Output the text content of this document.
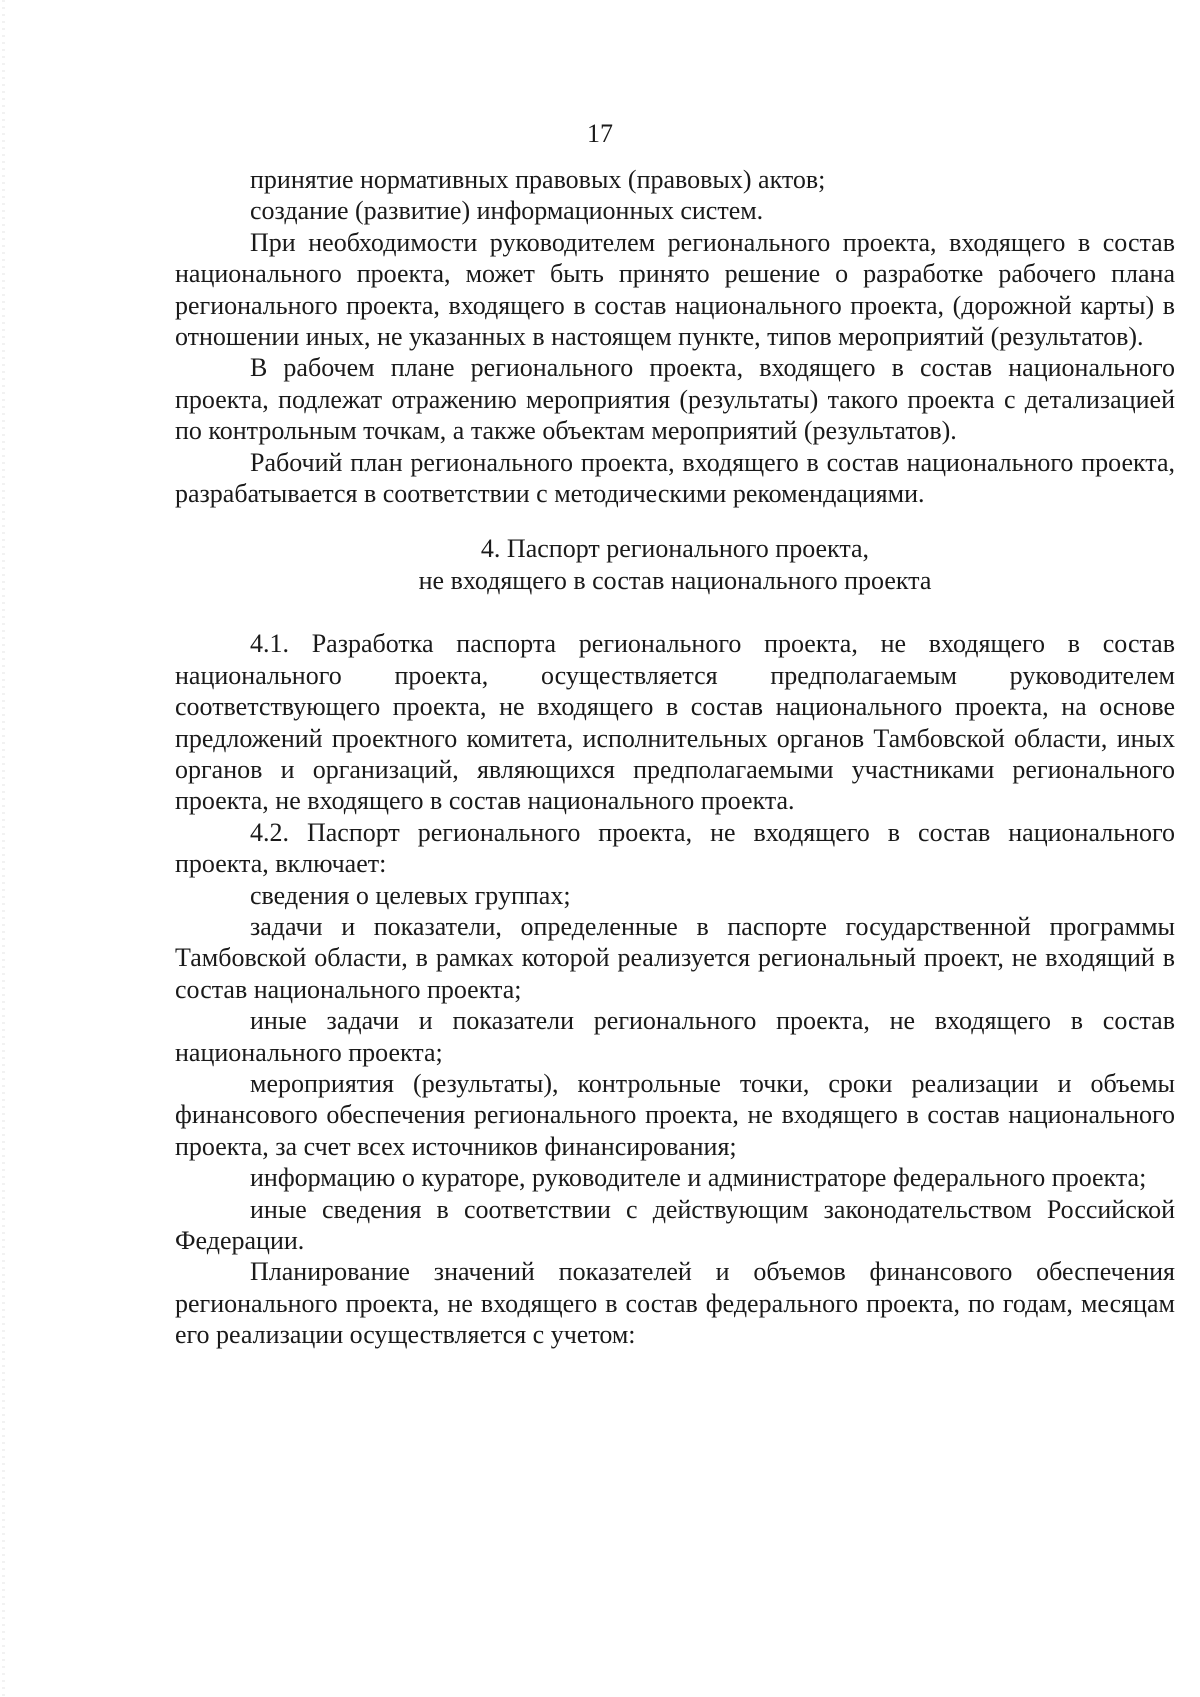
17

принятие нормативных правовых (правовых) актов;

создание (развитие) информационных систем.

При необходимости руководителем регионального проекта, входящего в состав национального проекта, может быть принято решение о разработке рабочего плана регионального проекта, входящего в состав национального проекта, (дорожной карты) в отношении иных, не указанных в настоящем пункте, типов мероприятий (результатов).

В рабочем плане регионального проекта, входящего в состав национального проекта, подлежат отражению мероприятия (результаты) такого проекта с детализацией по контрольным точкам, а также объектам мероприятий (результатов).

Рабочий план регионального проекта, входящего в состав национального проекта, разрабатывается в соответствии с методическими рекомендациями.

4. Паспорт регионального проекта,
не входящего в состав национального проекта

4.1. Разработка паспорта регионального проекта, не входящего в состав национального проекта, осуществляется предполагаемым руководителем соответствующего проекта, не входящего в состав национального проекта, на основе предложений проектного комитета, исполнительных органов Тамбовской области, иных органов и организаций, являющихся предполагаемыми участниками регионального проекта, не входящего в состав национального проекта.

4.2. Паспорт регионального проекта, не входящего в состав национального проекта, включает:

сведения о целевых группах;

задачи и показатели, определенные в паспорте государственной программы Тамбовской области, в рамках которой реализуется региональный проект, не входящий в состав национального проекта;

иные задачи и показатели регионального проекта, не входящего в состав национального проекта;

мероприятия (результаты), контрольные точки, сроки реализации и объемы финансового обеспечения регионального проекта, не входящего в состав национального проекта, за счет всех источников финансирования;

информацию о кураторе, руководителе и администраторе федерального проекта;

иные сведения в соответствии с действующим законодательством Российской Федерации.

Планирование значений показателей и объемов финансового обеспечения регионального проекта, не входящего в состав федерального проекта, по годам, месяцам его реализации осуществляется с учетом:
